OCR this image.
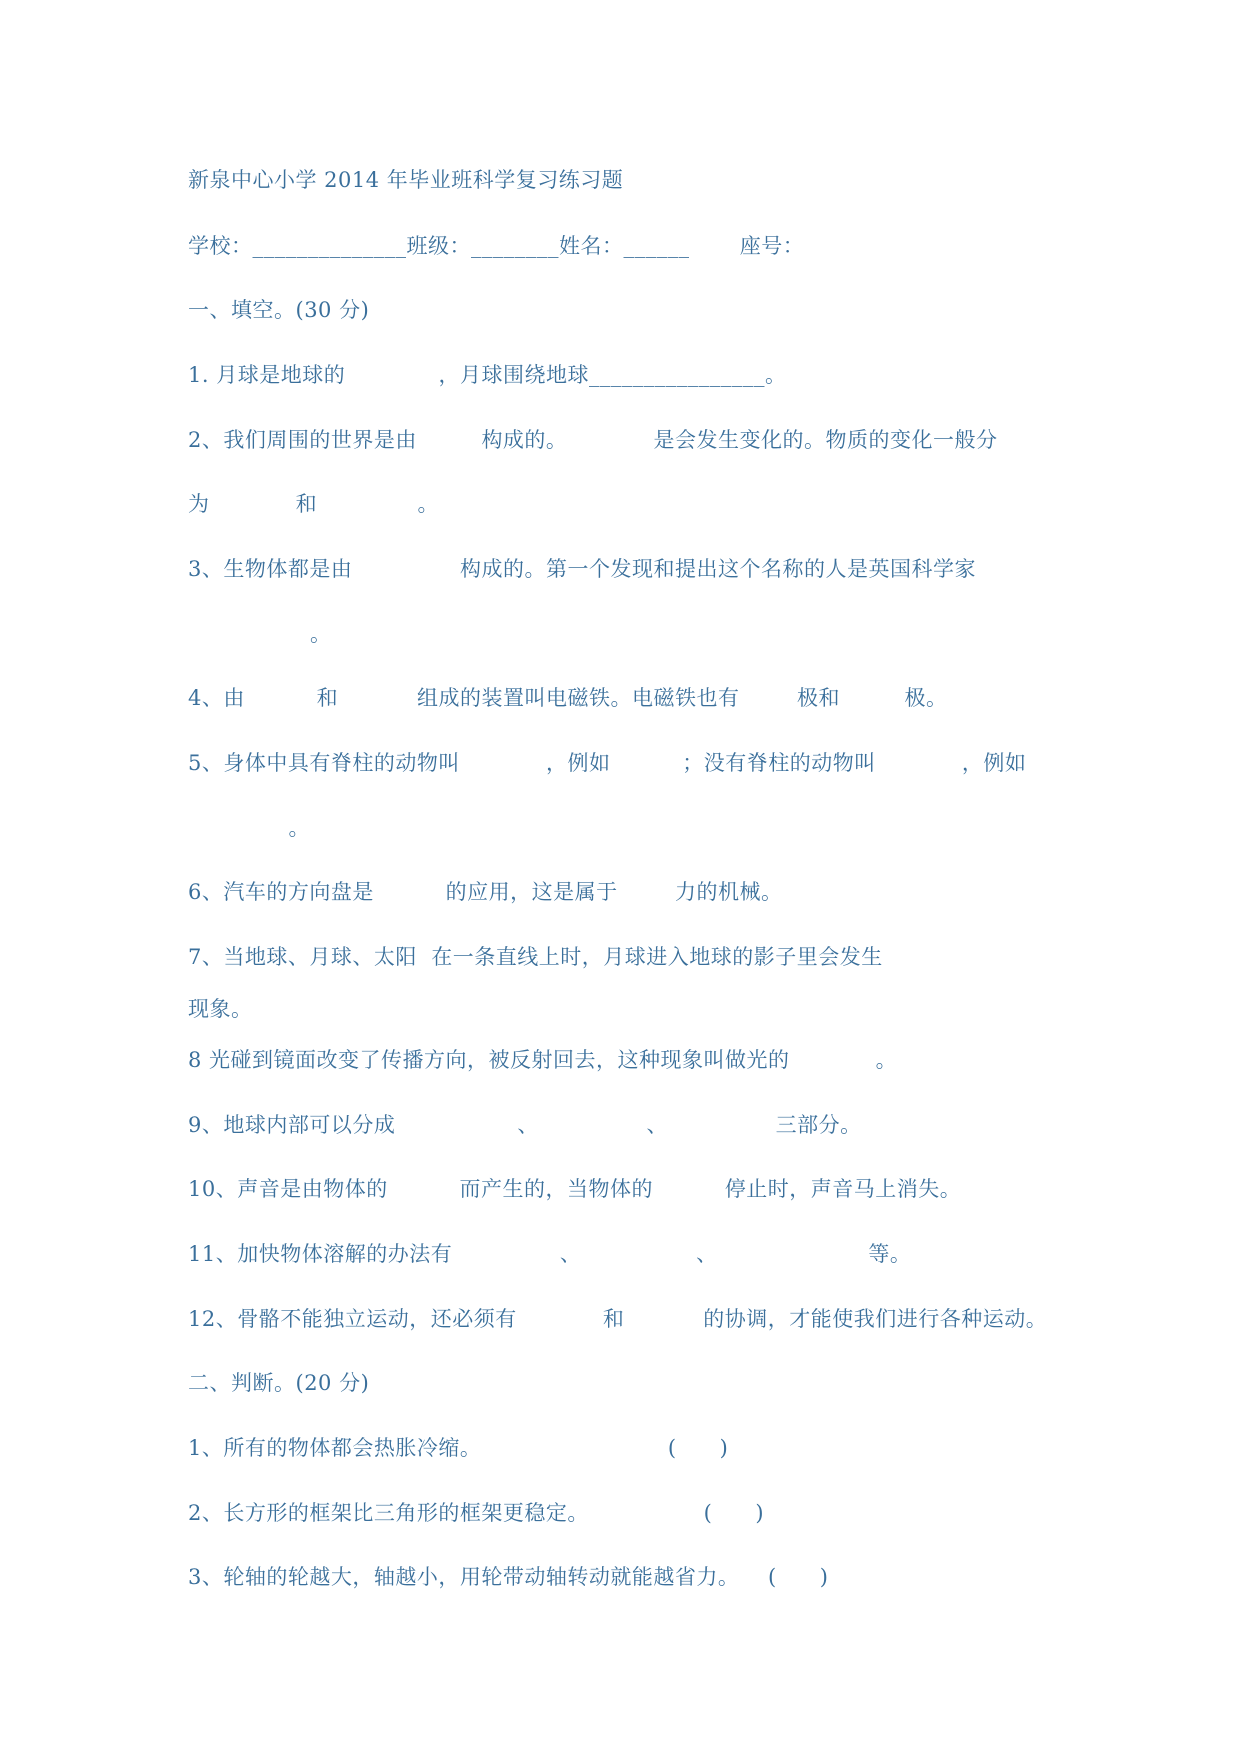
新泉中心小学 2014 年毕业班科学复习练习题

学校：______________班级：________姓名：______       座号：

一、填空。(30 分)

1. 月球是地球的             ，月球围绕地球________________。

2、我们周围的世界是由         构成的。            是会发生变化的。物质的变化一般分

为            和              。

3、生物体都是由               构成的。第一个发现和提出这个名称的人是英国科学家

。

4、由          和           组成的装置叫电磁铁。电磁铁也有        极和         极。

5、身体中具有脊柱的动物叫            ，例如          ；没有脊柱的动物叫            ，例如

。

6、汽车的方向盘是          的应用，这是属于        力的机械。

7、当地球、月球、太阳  在一条直线上时，月球进入地球的影子里会发生

现象。

8 光碰到镜面改变了传播方向，被反射回去，这种现象叫做光的            。

9、地球内部可以分成                 、               、               三部分。

10、声音是由物体的          而产生的，当物体的          停止时，声音马上消失。

11、加快物体溶解的办法有               、                、                     等。

12、骨骼不能独立运动，还必须有            和           的协调，才能使我们进行各种运动。

二、判断。(20 分)

1、所有的物体都会热胀冷缩。                          (      )

2、长方形的框架比三角形的框架更稳定。                (      )

3、轮轴的轮越大，轴越小，用轮带动轴转动就能越省力。    (      )
